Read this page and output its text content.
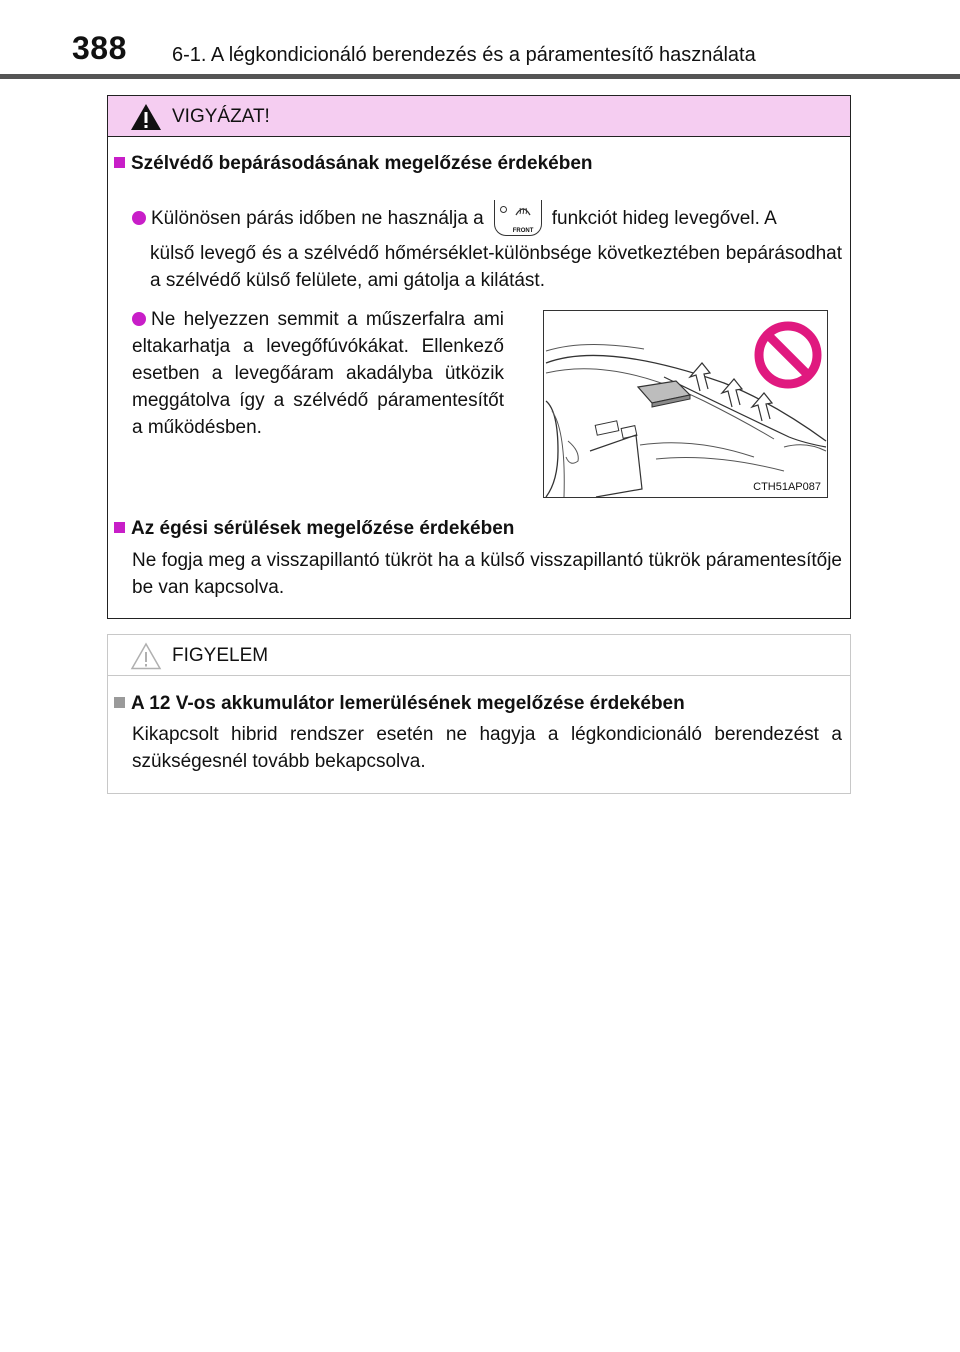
388 6-1. A légkondicionáló berendezés és a páramentesítő használata
VIGYÁZAT!
Szélvédő bepárásodásának megelőzése érdekében
Különösen párás időben ne használja a
FRONT
funkciót hideg levegővel. A
külső levegő és a szélvédő hőmérséklet-különbsége következtében bepárásodhat a szélvédő külső felülete, ami gátolja a kilátást.
Ne helyezzen semmit a műszerfalra ami eltakarhatja a levegőfúvókákat. Ellenkező esetben a levegőáram akadályba ütközik meggátolva így a szélvédő páramentesítőt a működésben.
CTH51AP087
Az égési sérülések megelőzése érdekében
Ne fogja meg a visszapillantó tükröt ha a külső visszapillantó tükrök páramentesítője be van kapcsolva.
FIGYELEM
A 12 V-os akkumulátor lemerülésének megelőzése érdekében
Kikapcsolt hibrid rendszer esetén ne hagyja a légkondicionáló berendezést a szükségesnél tovább bekapcsolva.
